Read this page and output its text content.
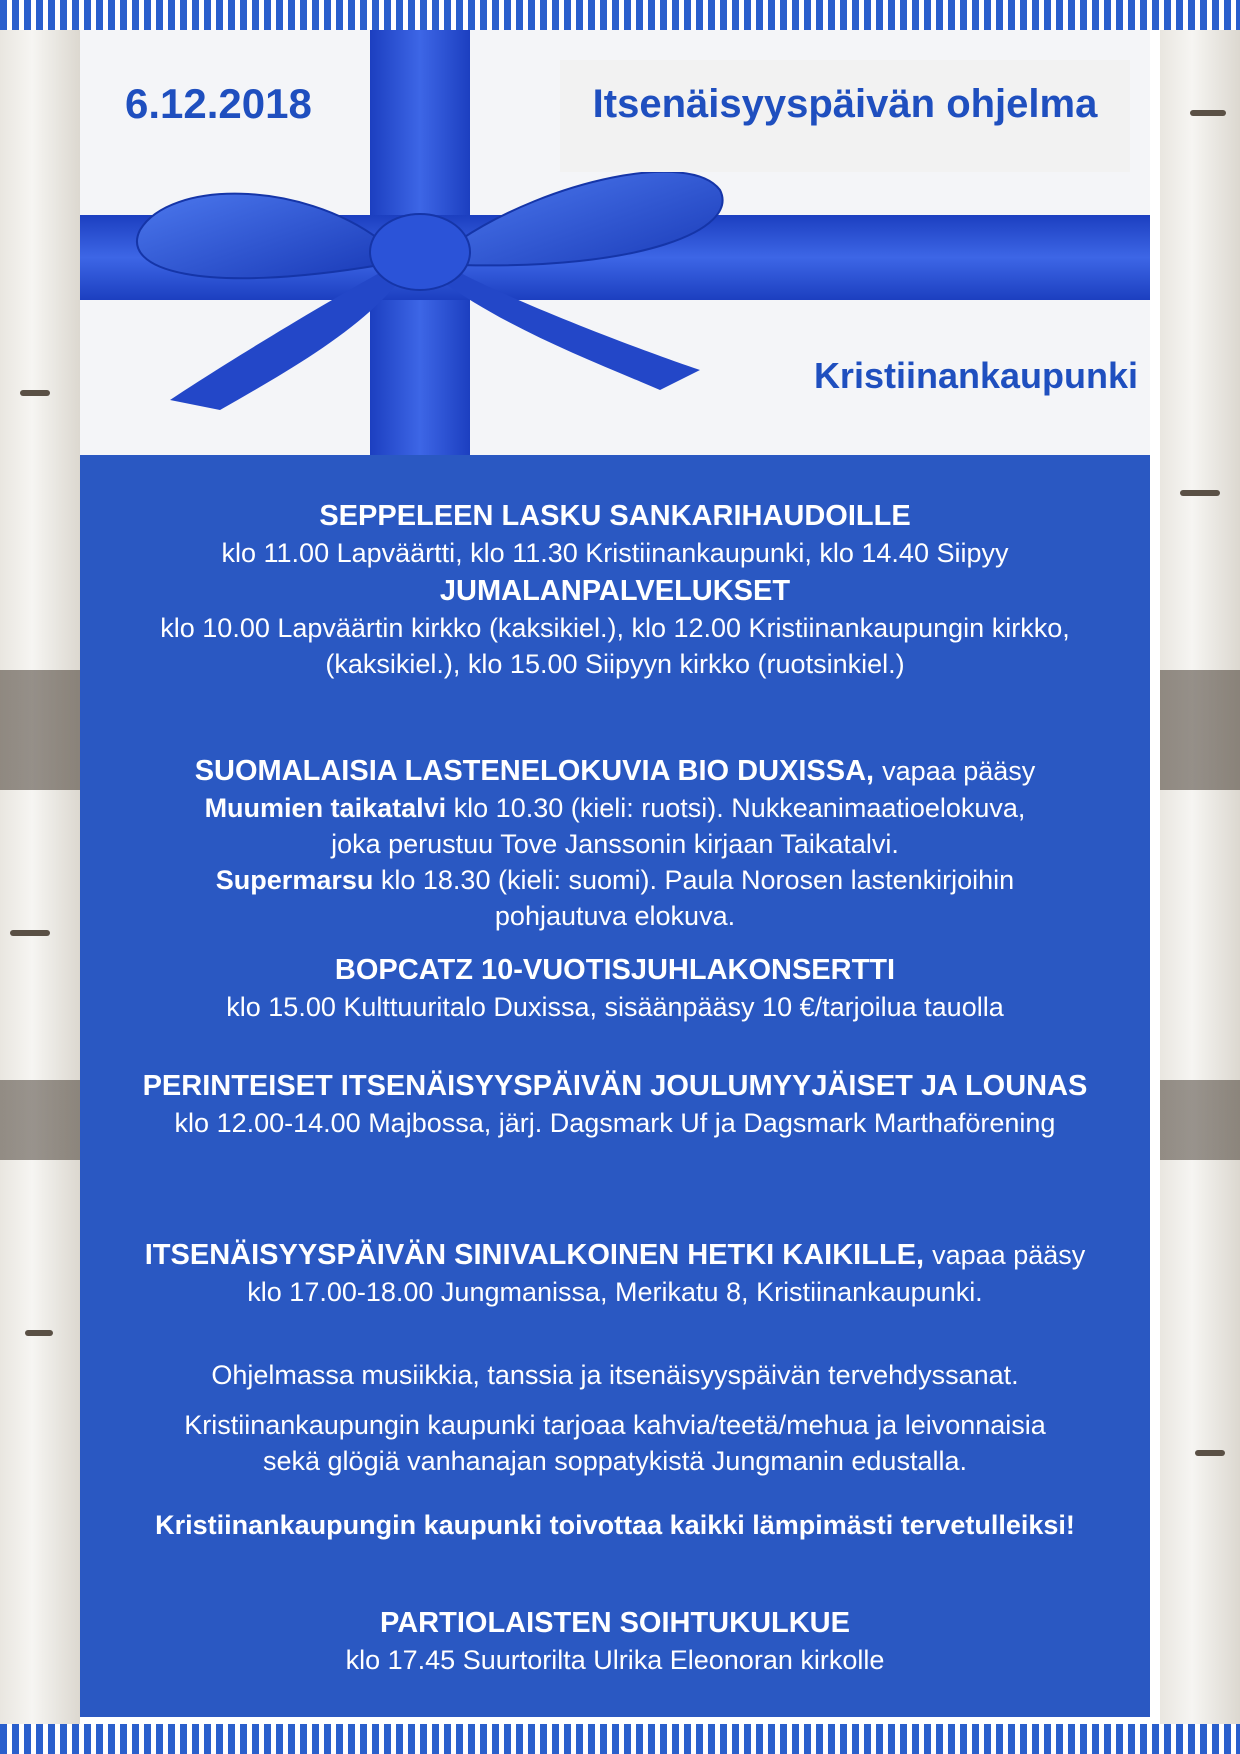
6.12.2018	Itsenäisyyspäivän ohjelma
Kristiinankaupunki
SEPPELEEN LASKU SANKARIHAUDOILLE
klo 11.00 Lapväärtti, klo 11.30 Kristiinankaupunki, klo 14.40 Siipyy
JUMALANPALVELUKSET
klo 10.00 Lapväärtin kirkko (kaksikiel.), klo 12.00 Kristiinankaupungin kirkko,
(kaksikiel.), klo 15.00 Siipyyn kirkko (ruotsinkiel.)
SUOMALAISIA LASTENELOKUVIA BIO DUXISSA, vapaa pääsy
Muumien taikatalvi klo 10.30 (kieli: ruotsi). Nukkeanimaatioelokuva,
joka perustuu Tove Janssonin kirjaan Taikatalvi.
Supermarsu klo 18.30 (kieli: suomi). Paula Norosen lastenkirjoihin
pohjautuva elokuva.
BOPCATZ 10-VUOTISJUHLAKONSERTTI
klo 15.00 Kulttuuritalo Duxissa, sisäänpääsy 10 €/tarjoilua tauolla
PERINTEISET ITSENÄISYYSPÄIVÄN JOULUMYYJÄISET JA LOUNAS
klo 12.00-14.00 Majbossa, järj. Dagsmark Uf ja Dagsmark Marthaförening
ITSENÄISYYSPÄIVÄN SINIVALKOINEN HETKI KAIKILLE, vapaa pääsy
klo 17.00-18.00 Jungmanissa, Merikatu 8, Kristiinankaupunki.
Ohjelmassa musiikkia, tanssia ja itsenäisyyspäivän tervehdyssanat.
Kristiinankaupungin kaupunki tarjoaa kahvia/teetä/mehua ja leivonnaisia
sekä glögiä vanhanajan soppatykistä Jungmanin edustalla.
Kristiinankaupungin kaupunki toivottaa kaikki lämpimästi tervetulleiksi!
PARTIOLAISTEN SOIHTUKULKUE
klo 17.45 Suurtorilta Ulrika Eleonoran kirkolle
